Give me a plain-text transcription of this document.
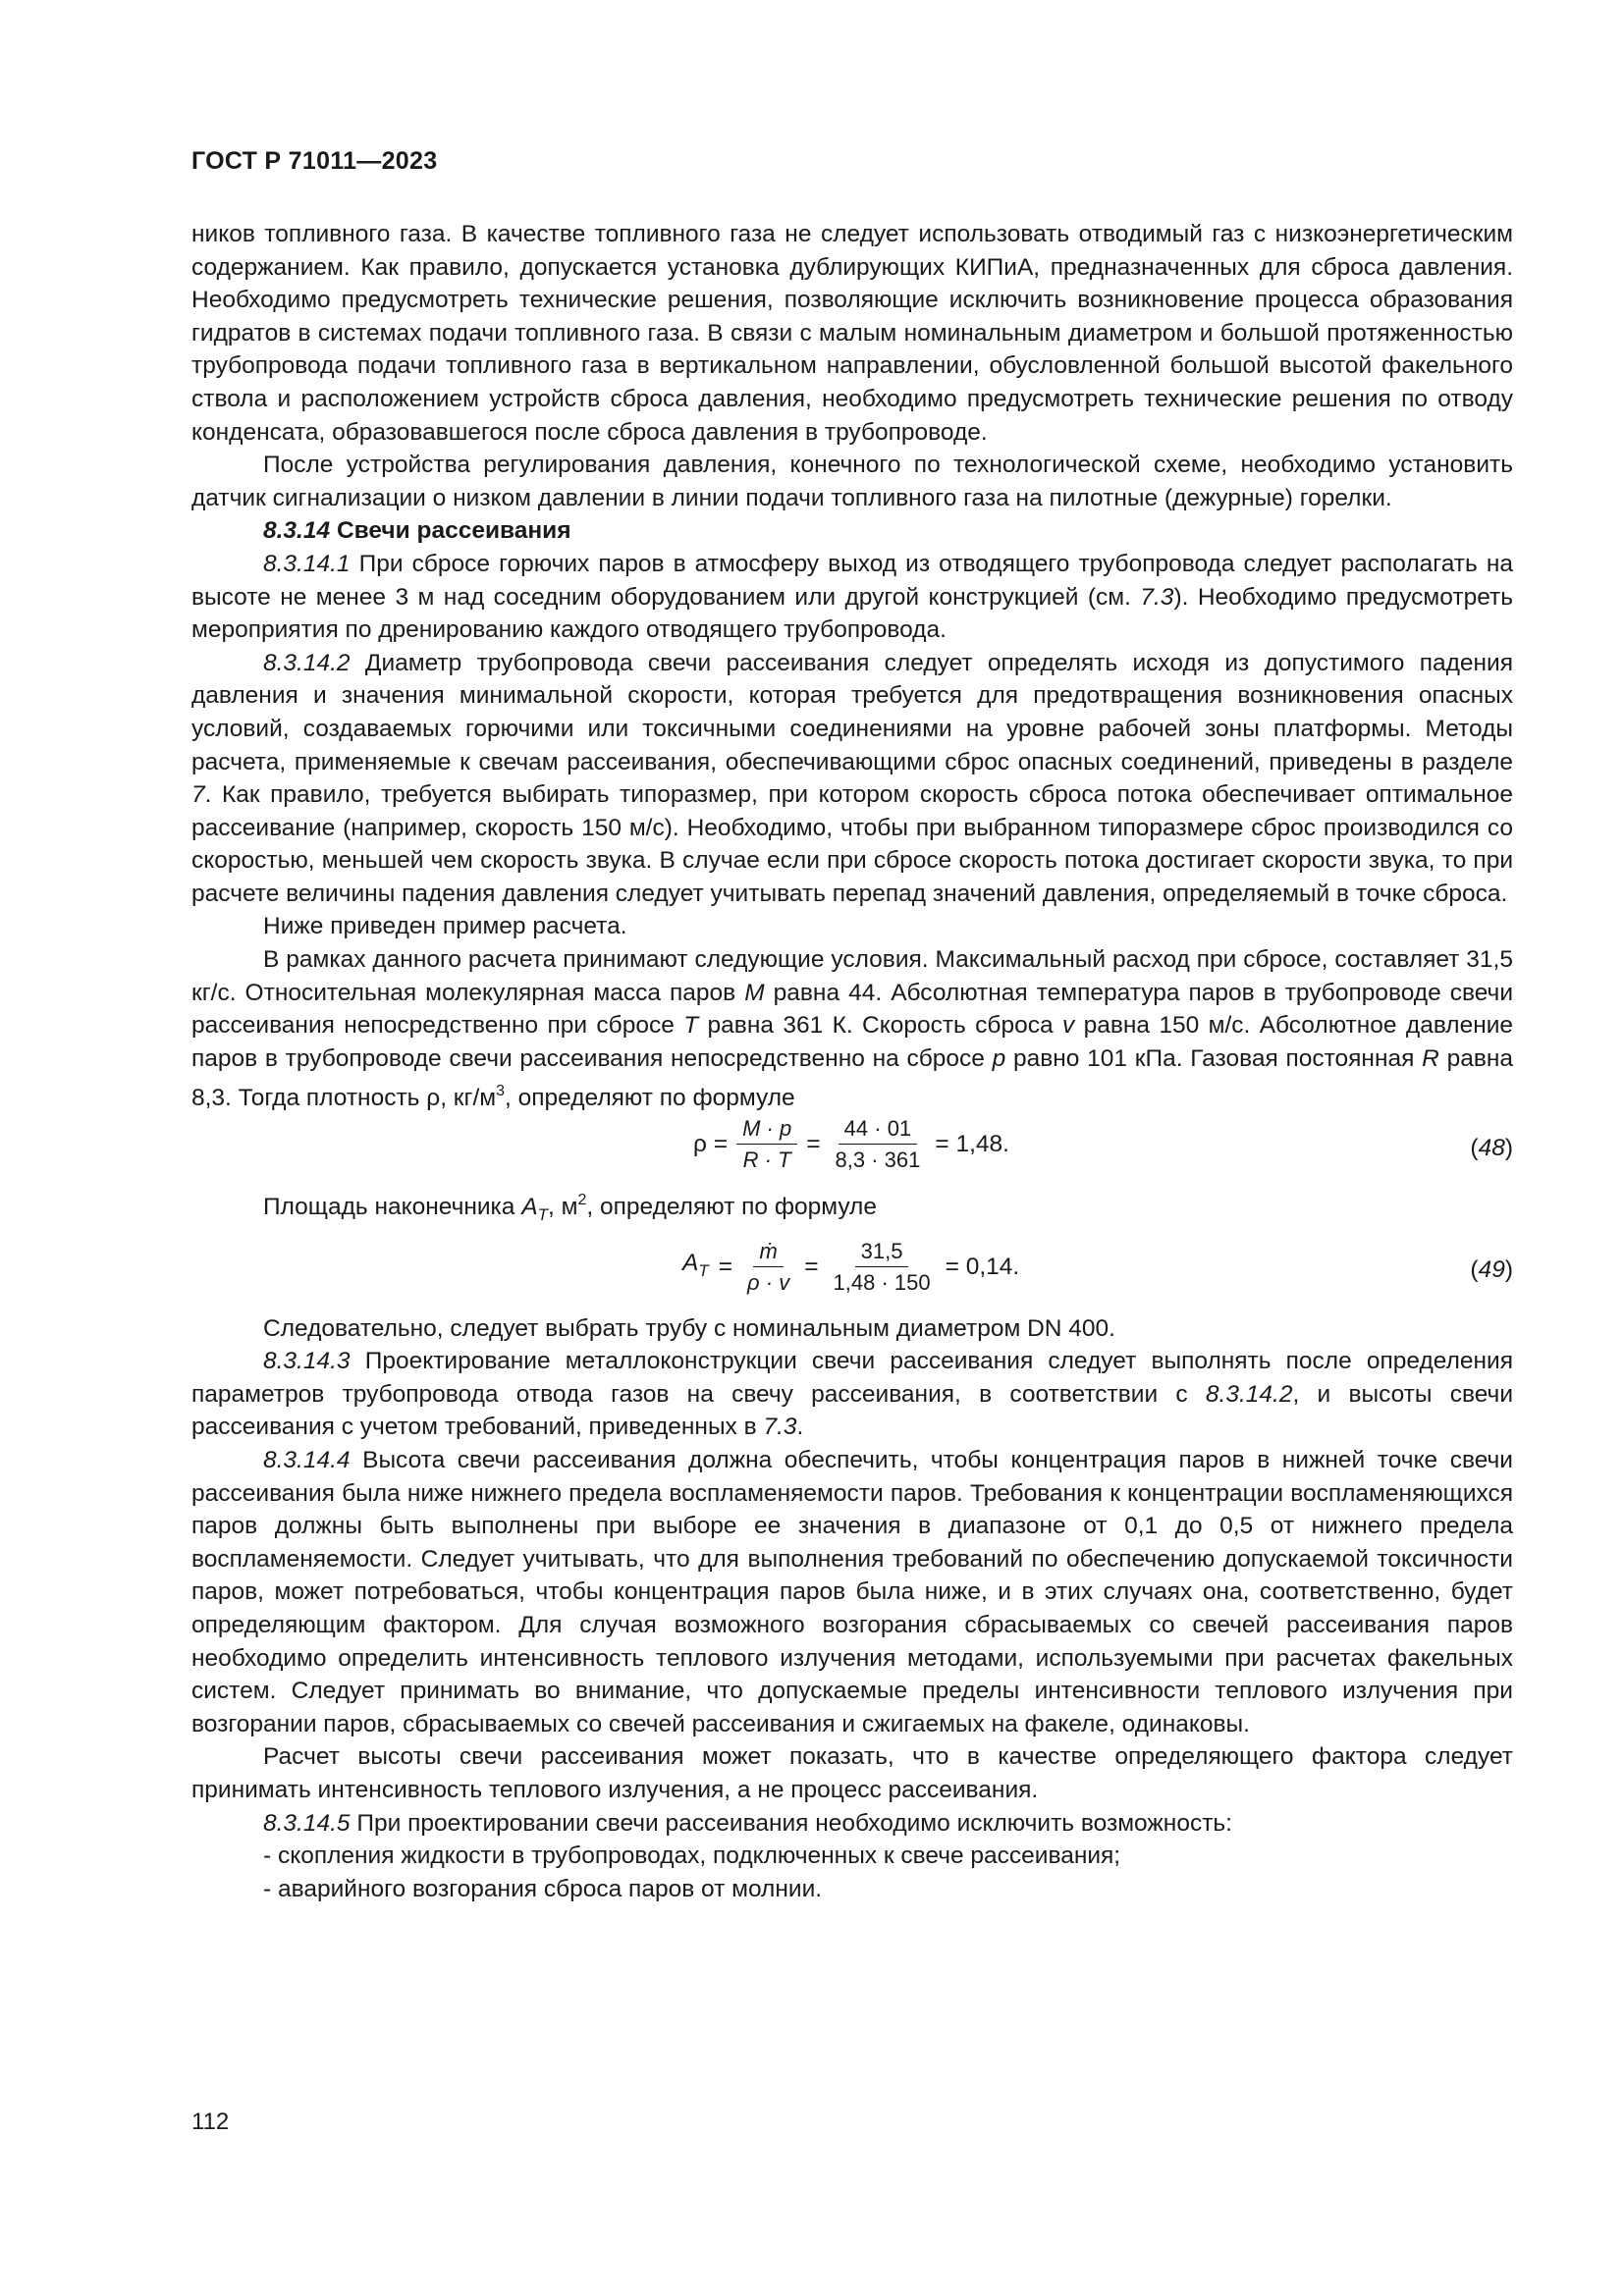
ГОСТ Р 71011—2023

ников топливного газа. В качестве топливного газа не следует использовать отводимый газ с низкоэнергетическим содержанием. Как правило, допускается установка дублирующих КИПиА, предназначенных для сброса давления. Необходимо предусмотреть технические решения, позволяющие исключить возникновение процесса образования гидратов в системах подачи топливного газа. В связи с малым номинальным диаметром и большой протяженностью трубопровода подачи топливного газа в вертикальном направлении, обусловленной большой высотой факельного ствола и расположением устройств сброса давления, необходимо предусмотреть технические решения по отводу конденсата, образовавшегося после сброса давления в трубопроводе.

После устройства регулирования давления, конечного по технологической схеме, необходимо установить датчик сигнализации о низком давлении в линии подачи топливного газа на пилотные (дежурные) горелки.

8.3.14 Свечи рассеивания

8.3.14.1 При сбросе горючих паров в атмосферу выход из отводящего трубопровода следует располагать на высоте не менее 3 м над соседним оборудованием или другой конструкцией (см. 7.3). Необходимо предусмотреть мероприятия по дренированию каждого отводящего трубопровода.

8.3.14.2 Диаметр трубопровода свечи рассеивания следует определять исходя из допустимого падения давления и значения минимальной скорости, которая требуется для предотвращения возникновения опасных условий, создаваемых горючими или токсичными соединениями на уровне рабочей зоны платформы. Методы расчета, применяемые к свечам рассеивания, обеспечивающими сброс опасных соединений, приведены в разделе 7. Как правило, требуется выбирать типоразмер, при котором скорость сброса потока обеспечивает оптимальное рассеивание (например, скорость 150 м/с). Необходимо, чтобы при выбранном типоразмере сброс производился со скоростью, меньшей чем скорость звука. В случае если при сбросе скорость потока достигает скорости звука, то при расчете величины падения давления следует учитывать перепад значений давления, определяемый в точке сброса.

Ниже приведен пример расчета.

В рамках данного расчета принимают следующие условия. Максимальный расход при сбросе, составляет 31,5 кг/с. Относительная молекулярная масса паров M равна 44. Абсолютная температура паров в трубопроводе свечи рассеивания непосредственно при сбросе T равна 361 К. Скорость сброса v равна 150 м/с. Абсолютное давление паров в трубопроводе свечи рассеивания непосредственно на сбросе p равно 101 кПа. Газовая постоянная R равна 8,3. Тогда плотность ρ, $кг/м^3$, определяют по формуле

$\rho = \frac{M \cdot p}{R \cdot T} = \frac{44 \cdot 01}{8,3 \cdot 361} = 1,48$.	(48)

Площадь наконечника $A_T$, $м^2$, определяют по формуле

$A_T = \frac{\text{ṁ}}{\rho \cdot v} = \frac{31,5}{1,48 \cdot 150} = 0,14$.	(49)

Следовательно, следует выбрать трубу с номинальным диаметром DN 400.

8.3.14.3 Проектирование металлоконструкции свечи рассеивания следует выполнять после определения параметров трубопровода отвода газов на свечу рассеивания, в соответствии с 8.3.14.2, и высоты свечи рассеивания с учетом требований, приведенных в 7.3.

8.3.14.4 Высота свечи рассеивания должна обеспечить, чтобы концентрация паров в нижней точке свечи рассеивания была ниже нижнего предела воспламеняемости паров. Требования к концентрации воспламеняющихся паров должны быть выполнены при выборе ее значения в диапазоне от 0,1 до 0,5 от нижнего предела воспламеняемости. Следует учитывать, что для выполнения требований по обеспечению допускаемой токсичности паров, может потребоваться, чтобы концентрация паров была ниже, и в этих случаях она, соответственно, будет определяющим фактором. Для случая возможного возгорания сбрасываемых со свечей рассеивания паров необходимо определить интенсивность теплового излучения методами, используемыми при расчетах факельных систем. Следует принимать во внимание, что допускаемые пределы интенсивности теплового излучения при возгорании паров, сбрасываемых со свечей рассеивания и сжигаемых на факеле, одинаковы.

Расчет высоты свечи рассеивания может показать, что в качестве определяющего фактора следует принимать интенсивность теплового излучения, а не процесс рассеивания.

8.3.14.5 При проектировании свечи рассеивания необходимо исключить возможность:

- скопления жидкости в трубопроводах, подключенных к свече рассеивания;

- аварийного возгорания сброса паров от молнии.

112
